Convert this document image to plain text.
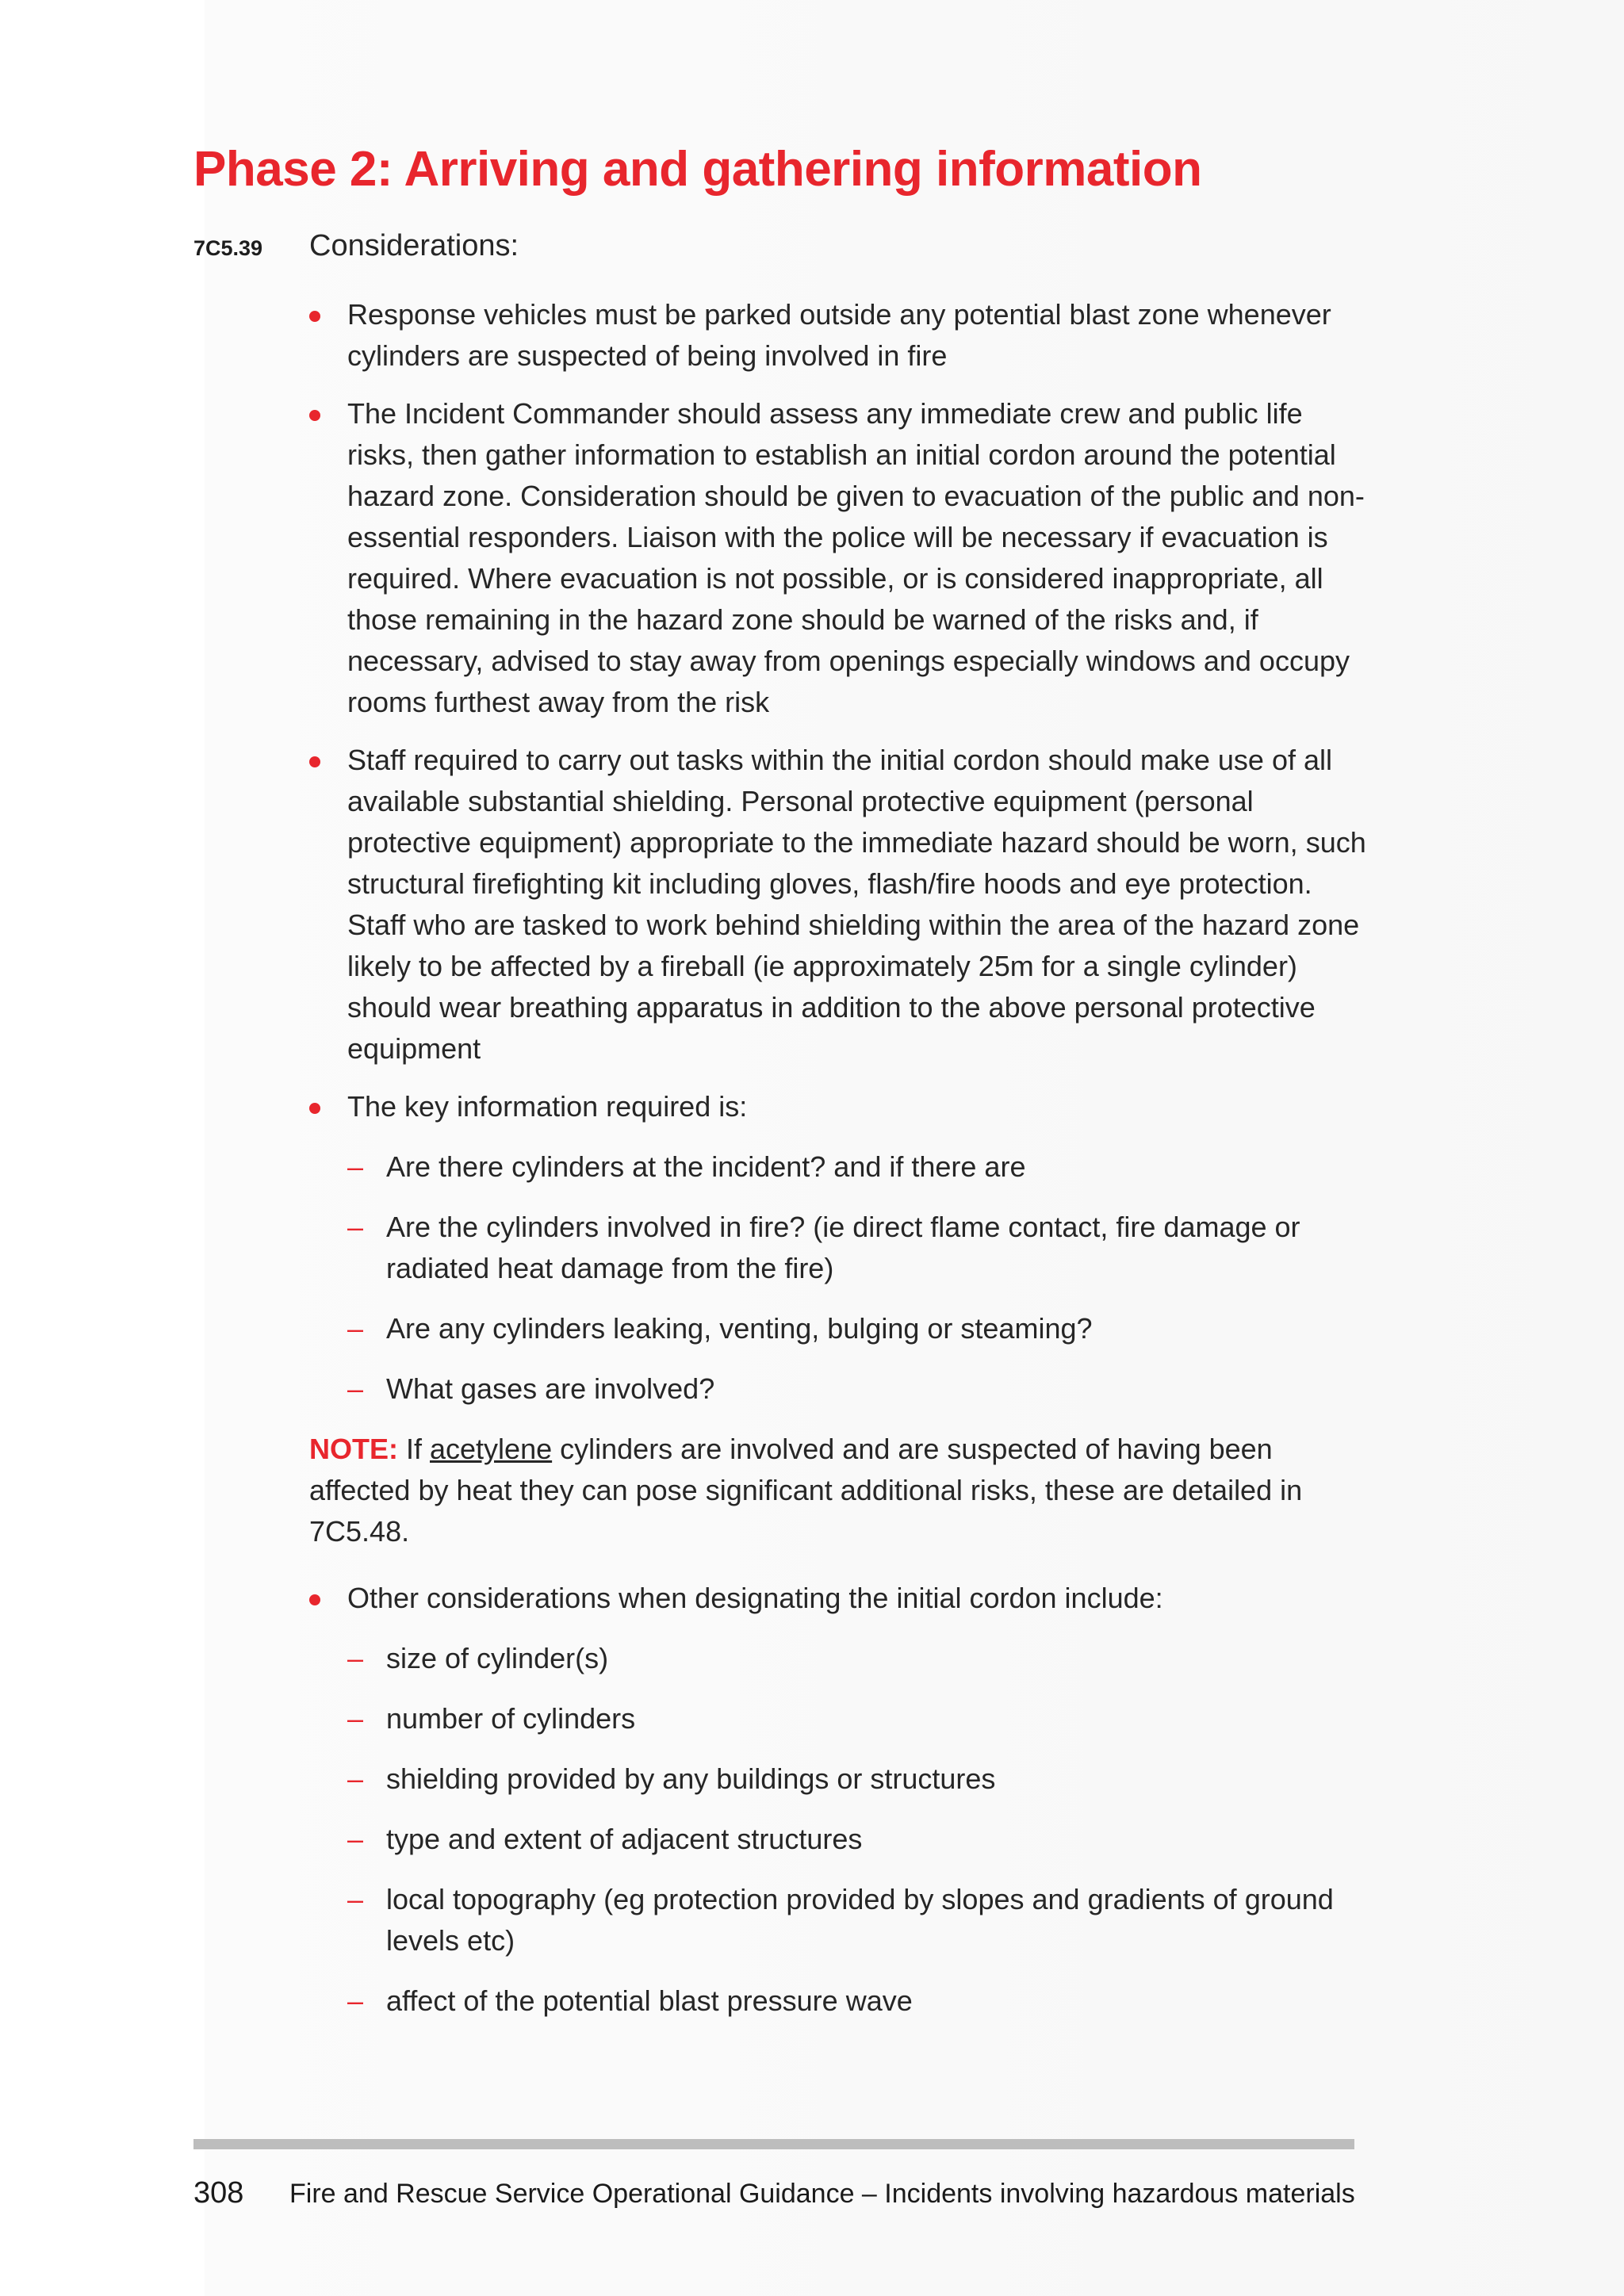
Phase 2: Arriving and gathering information
7C5.39 Considerations:
Response vehicles must be parked outside any potential blast zone whenever cylinders are suspected of being involved in fire
The Incident Commander should assess any immediate crew and public life risks, then gather information to establish an initial cordon around the potential hazard zone. Consideration should be given to evacuation of the public and non-essential responders. Liaison with the police will be necessary if evacuation is required. Where evacuation is not possible, or is considered inappropriate, all those remaining in the hazard zone should be warned of the risks and, if necessary, advised to stay away from openings especially windows and occupy rooms furthest away from the risk
Staff required to carry out tasks within the initial cordon should make use of all available substantial shielding. Personal protective equipment (personal protective equipment) appropriate to the immediate hazard should be worn, such structural firefighting kit including gloves, flash/fire hoods and eye protection. Staff who are tasked to work behind shielding within the area of the hazard zone likely to be affected by a fireball (ie approximately 25m for a single cylinder) should wear breathing apparatus in addition to the above personal protective equipment
The key information required is:
– Are there cylinders at the incident? and if there are
– Are the cylinders involved in fire? (ie direct flame contact, fire damage or radiated heat damage from the fire)
– Are any cylinders leaking, venting, bulging or steaming?
– What gases are involved?
NOTE: If acetylene cylinders are involved and are suspected of having been affected by heat they can pose significant additional risks, these are detailed in 7C5.48.
Other considerations when designating the initial cordon include:
– size of cylinder(s)
– number of cylinders
– shielding provided by any buildings or structures
– type and extent of adjacent structures
– local topography (eg protection provided by slopes and gradients of ground levels etc)
– affect of the potential blast pressure wave
308 Fire and Rescue Service Operational Guidance – Incidents involving hazardous materials
